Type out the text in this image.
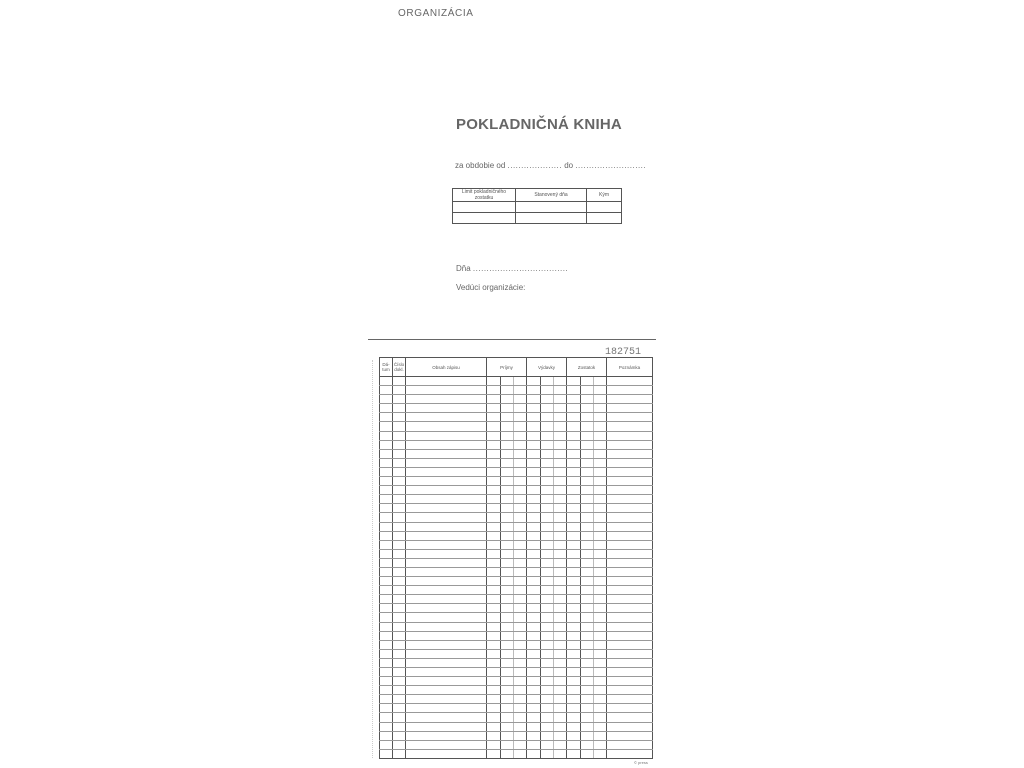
ORGANIZÁCIA
POKLADNIČNÁ KNIHA
za obdobie od .................... do ..........................
Limit pokladničného zostatku	Stanovený dňa	Kým

Dňa ...................................
Vedúci organizácie:
182751
Dá-tum	Číslo dokl.	Obsah zápisu	Príjmy			Výdavky			Zostatok			Poznámka

© press
